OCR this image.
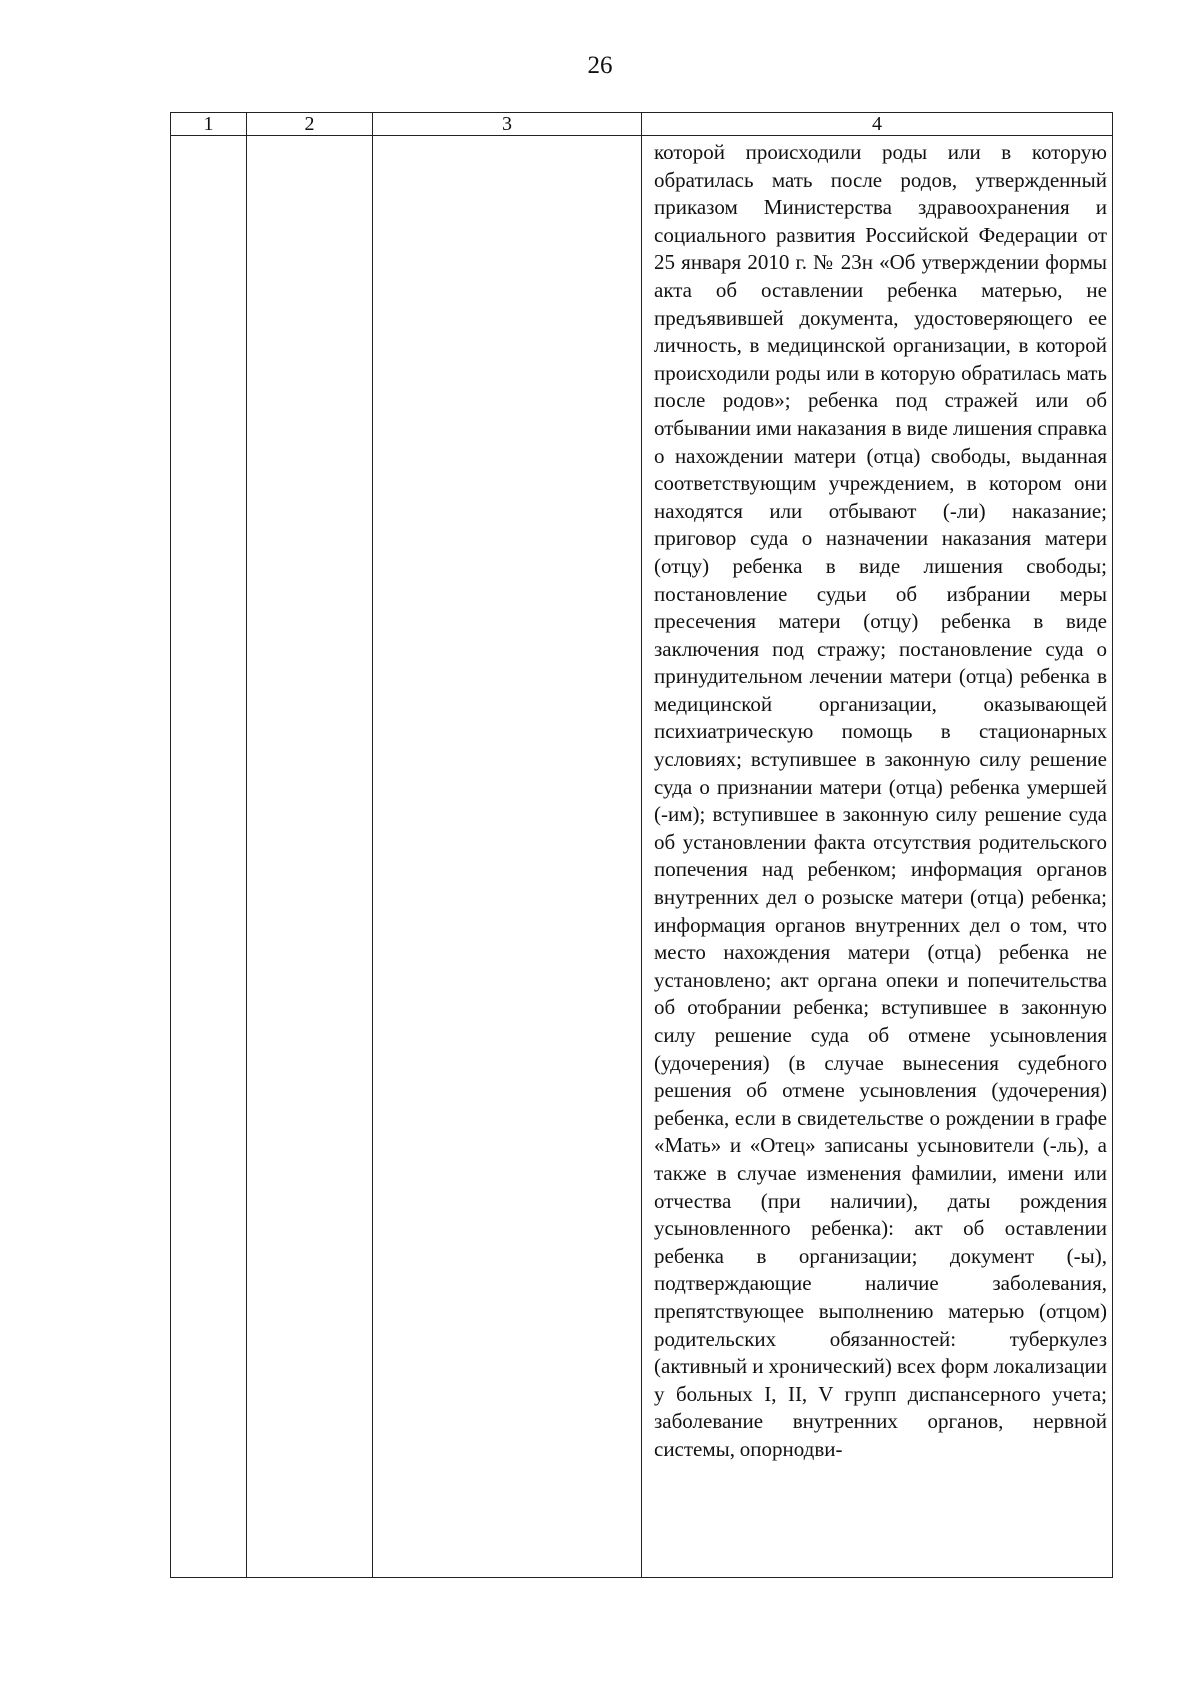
26
1	2	3	4

			которой происходили роды или в которую обратилась мать после родов, утвержденный приказом Министерства здравоохранения и социального развития Российской Федерации от 25 января 2010 г. № 23н «Об утверждении формы акта об оставлении ребенка матерью, не предъявившей документа, удостоверяющего ее личность, в медицинской организации, в которой происходили роды или в которую обратилась мать после родов»; ребенка под стражей или об отбывании ими наказания в виде лишения справка о нахождении матери (отца) свободы, выданная соответствующим учреждением, в котором они находятся или отбывают (-ли) наказание; приговор суда о назначении наказания матери (отцу) ребенка в виде лишения свободы; постановление судьи об избрании меры пресечения матери (отцу) ребенка в виде заключения под стражу; постановление суда о принудительном лечении матери (отца) ребенка в медицинской организации, оказывающей психиатрическую помощь в стационарных условиях; вступившее в законную силу решение суда о признании матери (отца) ребенка умершей (-им); вступившее в законную силу решение суда об установлении факта отсутствия родительского попечения над ребенком; информация органов внутренних дел о розыске матери (отца) ребенка; информация органов внутренних дел о том, что место нахождения матери (отца) ребенка не установлено; акт органа опеки и попечительства об отобрании ребенка; вступившее в законную силу решение суда об отмене усыновления (удочерения) (в случае вынесения судебного решения об отмене усыновления (удочерения) ребенка, если в свидетельстве о рождении в графе «Мать» и «Отец» записаны усыновители (-ль), а также в случае изменения фамилии, имени или отчества (при наличии), даты рождения усыновленного ребенка): акт об оставлении ребенка в организации; документ (-ы), подтверждающие наличие заболевания, препятствующее выполнению матерью (отцом) родительских обязанностей: туберкулез (активный и хронический) всех форм локализации у больных I, II, V групп диспансерного учета; заболевание внутренних органов, нервной системы, опорнодви-
